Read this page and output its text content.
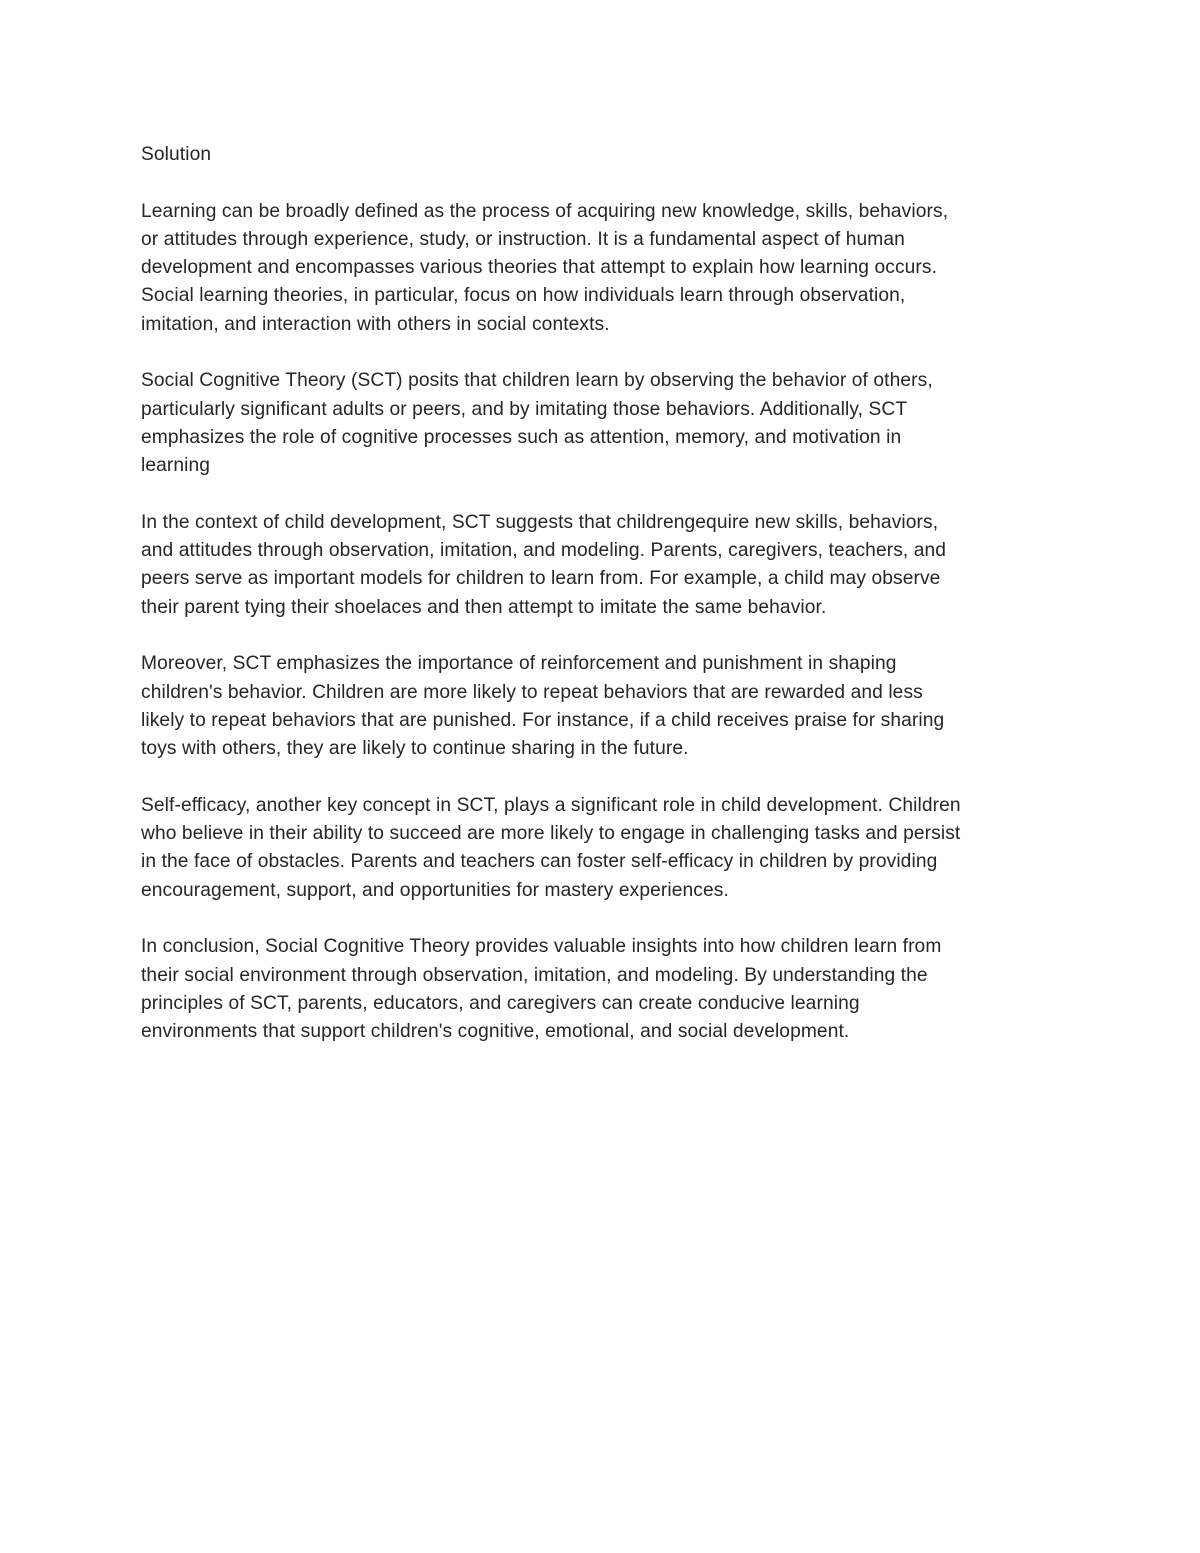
Solution
Learning can be broadly defined as the process of acquiring new knowledge, skills, behaviors,
or attitudes through experience, study, or instruction. It is a fundamental aspect of human
development and encompasses various theories that attempt to explain how learning occurs.
Social learning theories, in particular, focus on how individuals learn through observation,
imitation, and interaction with others in social contexts.
Social Cognitive Theory (SCT) posits that children learn by observing the behavior of others,
particularly significant adults or peers, and by imitating those behaviors. Additionally, SCT
emphasizes the role of cognitive processes such as attention, memory, and motivation in
learning
In the context of child development, SCT suggests that childrengequire new skills, behaviors,
and attitudes through observation, imitation, and modeling. Parents, caregivers, teachers, and
peers serve as important models for children to learn from. For example, a child may observe
their parent tying their shoelaces and then attempt to imitate the same behavior.
Moreover, SCT emphasizes the importance of reinforcement and punishment in shaping
children's behavior. Children are more likely to repeat behaviors that are rewarded and less
likely to repeat behaviors that are punished. For instance, if a child receives praise for sharing
toys with others, they are likely to continue sharing in the future.
Self-efficacy, another key concept in SCT, plays a significant role in child development. Children
who believe in their ability to succeed are more likely to engage in challenging tasks and persist
in the face of obstacles. Parents and teachers can foster self-efficacy in children by providing
encouragement, support, and opportunities for mastery experiences.
In conclusion, Social Cognitive Theory provides valuable insights into how children learn from
their social environment through observation, imitation, and modeling. By understanding the
principles of SCT, parents, educators, and caregivers can create conducive learning
environments that support children's cognitive, emotional, and social development.
